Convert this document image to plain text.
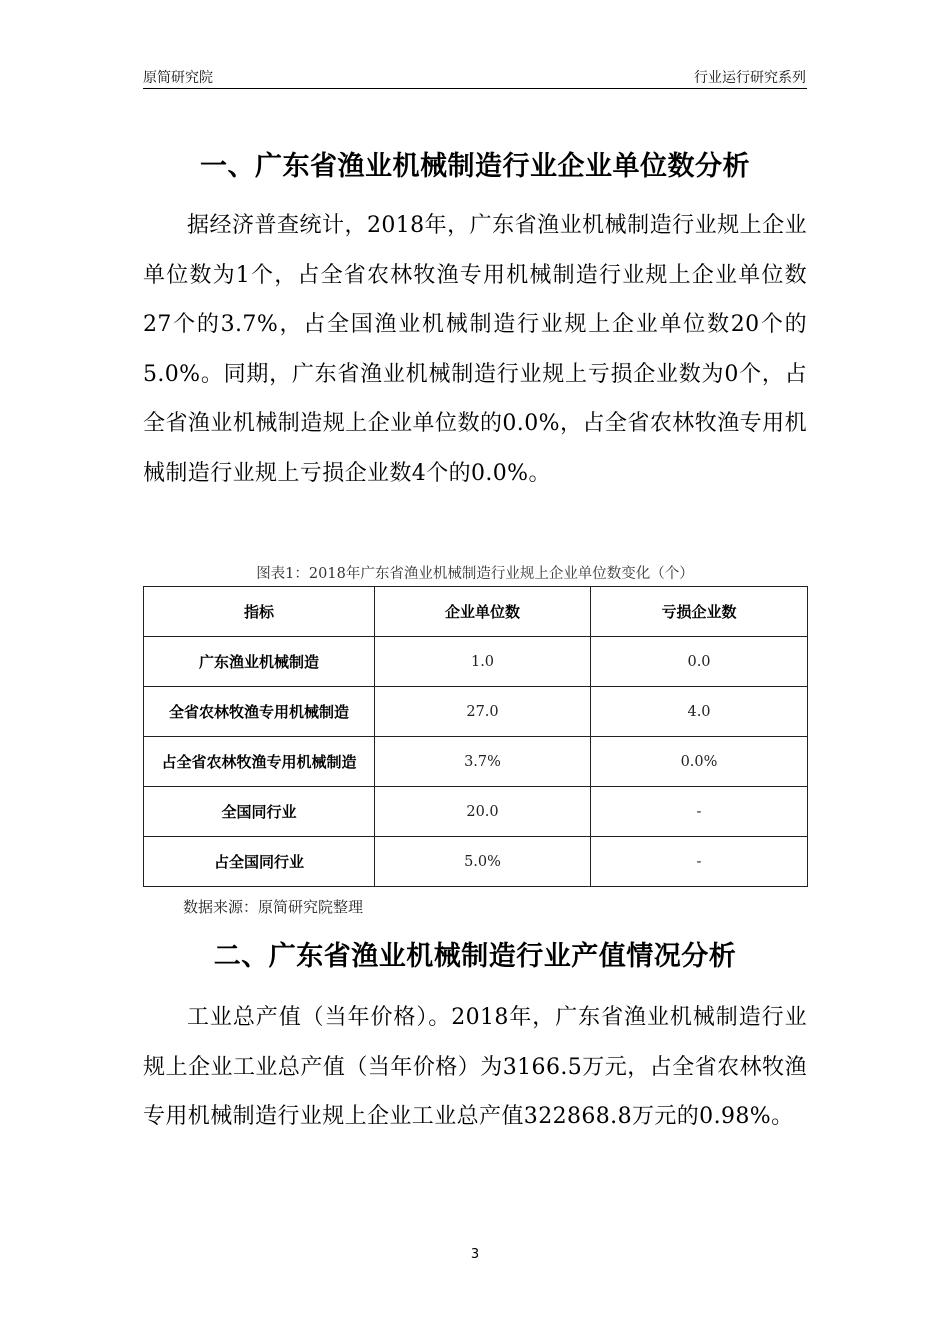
原简研究院	行业运行研究系列
一、广东省渔业机械制造行业企业单位数分析

据经济普查统计，2018年，广东省渔业机械制造行业规上企业单位数为1个，占全省农林牧渔专用机械制造行业规上企业单位数27个的3.7%，占全国渔业机械制造行业规上企业单位数20个的5.0%。同期，广东省渔业机械制造行业规上亏损企业数为0个，占全省渔业机械制造规上企业单位数的0.0%，占全省农林牧渔专用机械制造行业规上亏损企业数4个的0.0%。

图表1：2018年广东省渔业机械制造行业规上企业单位数变化（个）
指标	企业单位数	亏损企业数
广东渔业机械制造	1.0	0.0
全省农林牧渔专用机械制造	27.0	4.0
占全省农林牧渔专用机械制造	3.7%	0.0%
全国同行业	20.0	-
占全国同行业	5.0%	-
数据来源：原简研究院整理
二、广东省渔业机械制造行业产值情况分析

工业总产值（当年价格）。2018年，广东省渔业机械制造行业规上企业工业总产值（当年价格）为3166.5万元，占全省农林牧渔专用机械制造行业规上企业工业总产值322868.8万元的0.98%。

3
